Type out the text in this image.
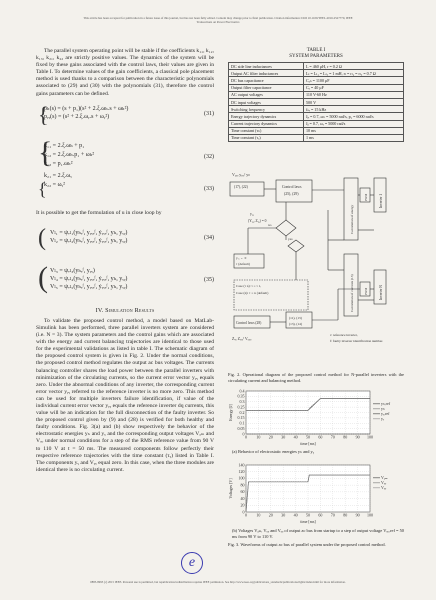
This article has been accepted for publication in a future issue of this journal, but has not been fully edited. Content may change prior to final publication. Citation information: DOI 10.1109/TPEL.2016.2527770, IEEE
Transactions on Power Electronics

The parallel system operating point will be stable if the coefficients k₁₁, k₁₂, k₁₃, k₂₁, k₂₂ are strictly positive values. The dynamics of the system will be fixed by these gains associated with the control laws, their values are given in Table I. To determine values of the gain coefficients, a classical pole placement method is used thanks to a comparison between the characteristic polynomials associated to (29) and (30) with the polynomials (31), therefore the control gains parameters can be defined.

{
pₕ(s) = (s + p₁)(s² + 2.ξ.ωₕ.s + ωₕ²)
pᵧᵧ(s) = (s² + 2.ξ.ωᵧ.s + ωᵧ²)	(31)
{
{
k₁₁ = 2.ξ.ωₕ + p₁
k₁₂ = 2.ξ.ωₕ.p₁ + ωₕ²
k₁₃ = p₁.ωₕ²
k₂₁ = 2.ξ.ωᵧ
k₂₂ = ωᵧ²
(32)
(33)

It is possible to get the formulation of u in close loop by

( Vₗ₁ = ψᵥₗ₁(yₕₑᶠ, yᵧᵧₑᶠ, ẏᵧᵧₑᶠ, yₕ, yᵧᵧ)
Vₗ₂ = ψᵥₗ₂(yₕₑᶠ, yᵧᵧₑᶠ, ẏᵧᵧₑᶠ, yₕ, yᵧᵧ)	(34)
( Vₗ₃ = ψᵥₗ₃(yₕₑᶠ, yᵧᵧ)
Vₗ₄ = ψᵥₗ₄(yₕₑᶠ, yᵧᵧₑᶠ, ẏᵧᵧₑᶠ, yₕ, yᵧᵧ)
Vₗ₅ = ψᵥₗ₅(yₕₑᶠ, yᵧᵧₑᶠ, ẏᵧᵧₑᶠ, yₕ, yᵧᵧ)
(35)
IV. Simulation Results

To validate the proposed control method, a model based on MatLab-Simulink has been performed, three parallel inverters system are considered (i.e. N = 3). The system parameters and the control gains which are associated with the energy and current balancing trajectories are identical to those used for the experimental validations as listed in table I. The schematic diagram of the proposed control system is given in Fig. 2. Under the normal conditions, the proposed control method regulates the output ac bus voltages. The currents balancing controller shares the load power between the parallel inverters with minimization of the circulating currents, so the current error vector yᵧᵧ equals zero. Under the abnormal conditions of any inverter, the corresponding current error vector yᵧᵧ referred to the reference inverter is no more zero. This method can be used for multiple inverters failure identification, if value of the individual current error vector yᵧᵧ equals the reference inverter dq currents, this value will be an indication for the full disconnection of the faulty inverter. So the proposed control given by (9) and (28) is verified for both healthy and faulty conditions. Fig. 3(a) and (b) show respectively the behavior of the electrostatic energies yₕ and yᵧ and the corresponding output voltages Vₐₘ and Vₒₒ under normal conditions for a step of the RMS reference value from 90 V to 110 V at t = 50 ms. The measured components follow perfectly their respective reference trajectories with the time constant (τᵧ) listed in Table I. The components yᵧ and Vᵧᵧ equal zero. In this case, when the three modules are identical there is no circulating current.

TABLE I
SYSTEM PARAMETERS
DC side line inductances	L = 460 μH, r = 0.2 Ω
Output AC filter inductances	Lₗ = Lₗ₁ = Lₗ₂ = 1 mH, rₗ = rₗ₁ = rₗ₂ = 0.7 Ω
DC bus capacitance	Cₐₙ = 1100 μF
Output filter capacitance	Cₒ = 40 μF
AC output voltages	110 V-60 Hz
DC input voltages	500 V
Switching frequency	fₛᵥ = 15 kHz
Energy trajectory dynamics	ξᵥ = 0.7, ωₕ = 5000 rad/s, p₁ = 6000 rad/s
Current trajectory dynamics	ξᵢ = 0.7, ωᵧ = 5000 rad/s
Time constant (τₕ)	10 ms
Time constant (τᵧ)	1 ms
Vₐₒₒ yᵧᵧₑᶠ yₕ
(17), (22)	Control laws
(25), (29)
yᵧᵧ
(Yᵧᵧ, Zᵧᵧ) = 0
no
yes
yᵧᵧ ← 0
τ (default)
Case (τ n): τ = τ 1,
Case (n): τ = n (default)
Control laws (28)
(11), (13)
(13), (14)
Zᵧᵧ Zᵧᵧₑᶠ Vₒₒₒ
r: reference inverter,
f: faulty inverter identification number.
Calculation of energy
Calculation of currents (13)
Inverter 1
Inverter N
PWM
PWM
Fig. 2. Operational diagram of the proposed control method for N-parallel inverters with the circulating current and balancing method.
0 10 20 30 40 50 60 70 80 90 100
0
0.05
0.1
0.15
0.2
0.25
0.3
0.35
0.4
time [ms]
Energy [J]
yₕ,ref
yₕ
yᵧ,ref
yᵧ
(a) Behavior of electrostatic energies yₕ and yᵧ
0 10 20 30 40 50 60 70 80 90 100
0
20
40
60
80
100
120
140
time [ms]
Voltages [V]
Vₐₘ
Vₒₒ
Vₒₒ
(b) Voltages Vₐₘ, Vₒₒ and Vₒₒ of output ac bus from startup to a step of output voltage Vₒₒ,ref = 50 ms from 90 V to 110 V.
Fig. 3. Waveforms of output ac bus of parallel system under the proposed control method.
e
0885-8993 (c) 2015 IEEE. Personal use is permitted, but republication/redistribution requires IEEE permission. See http://www.ieee.org/publications_standards/publications/rights/index.html for more information.
